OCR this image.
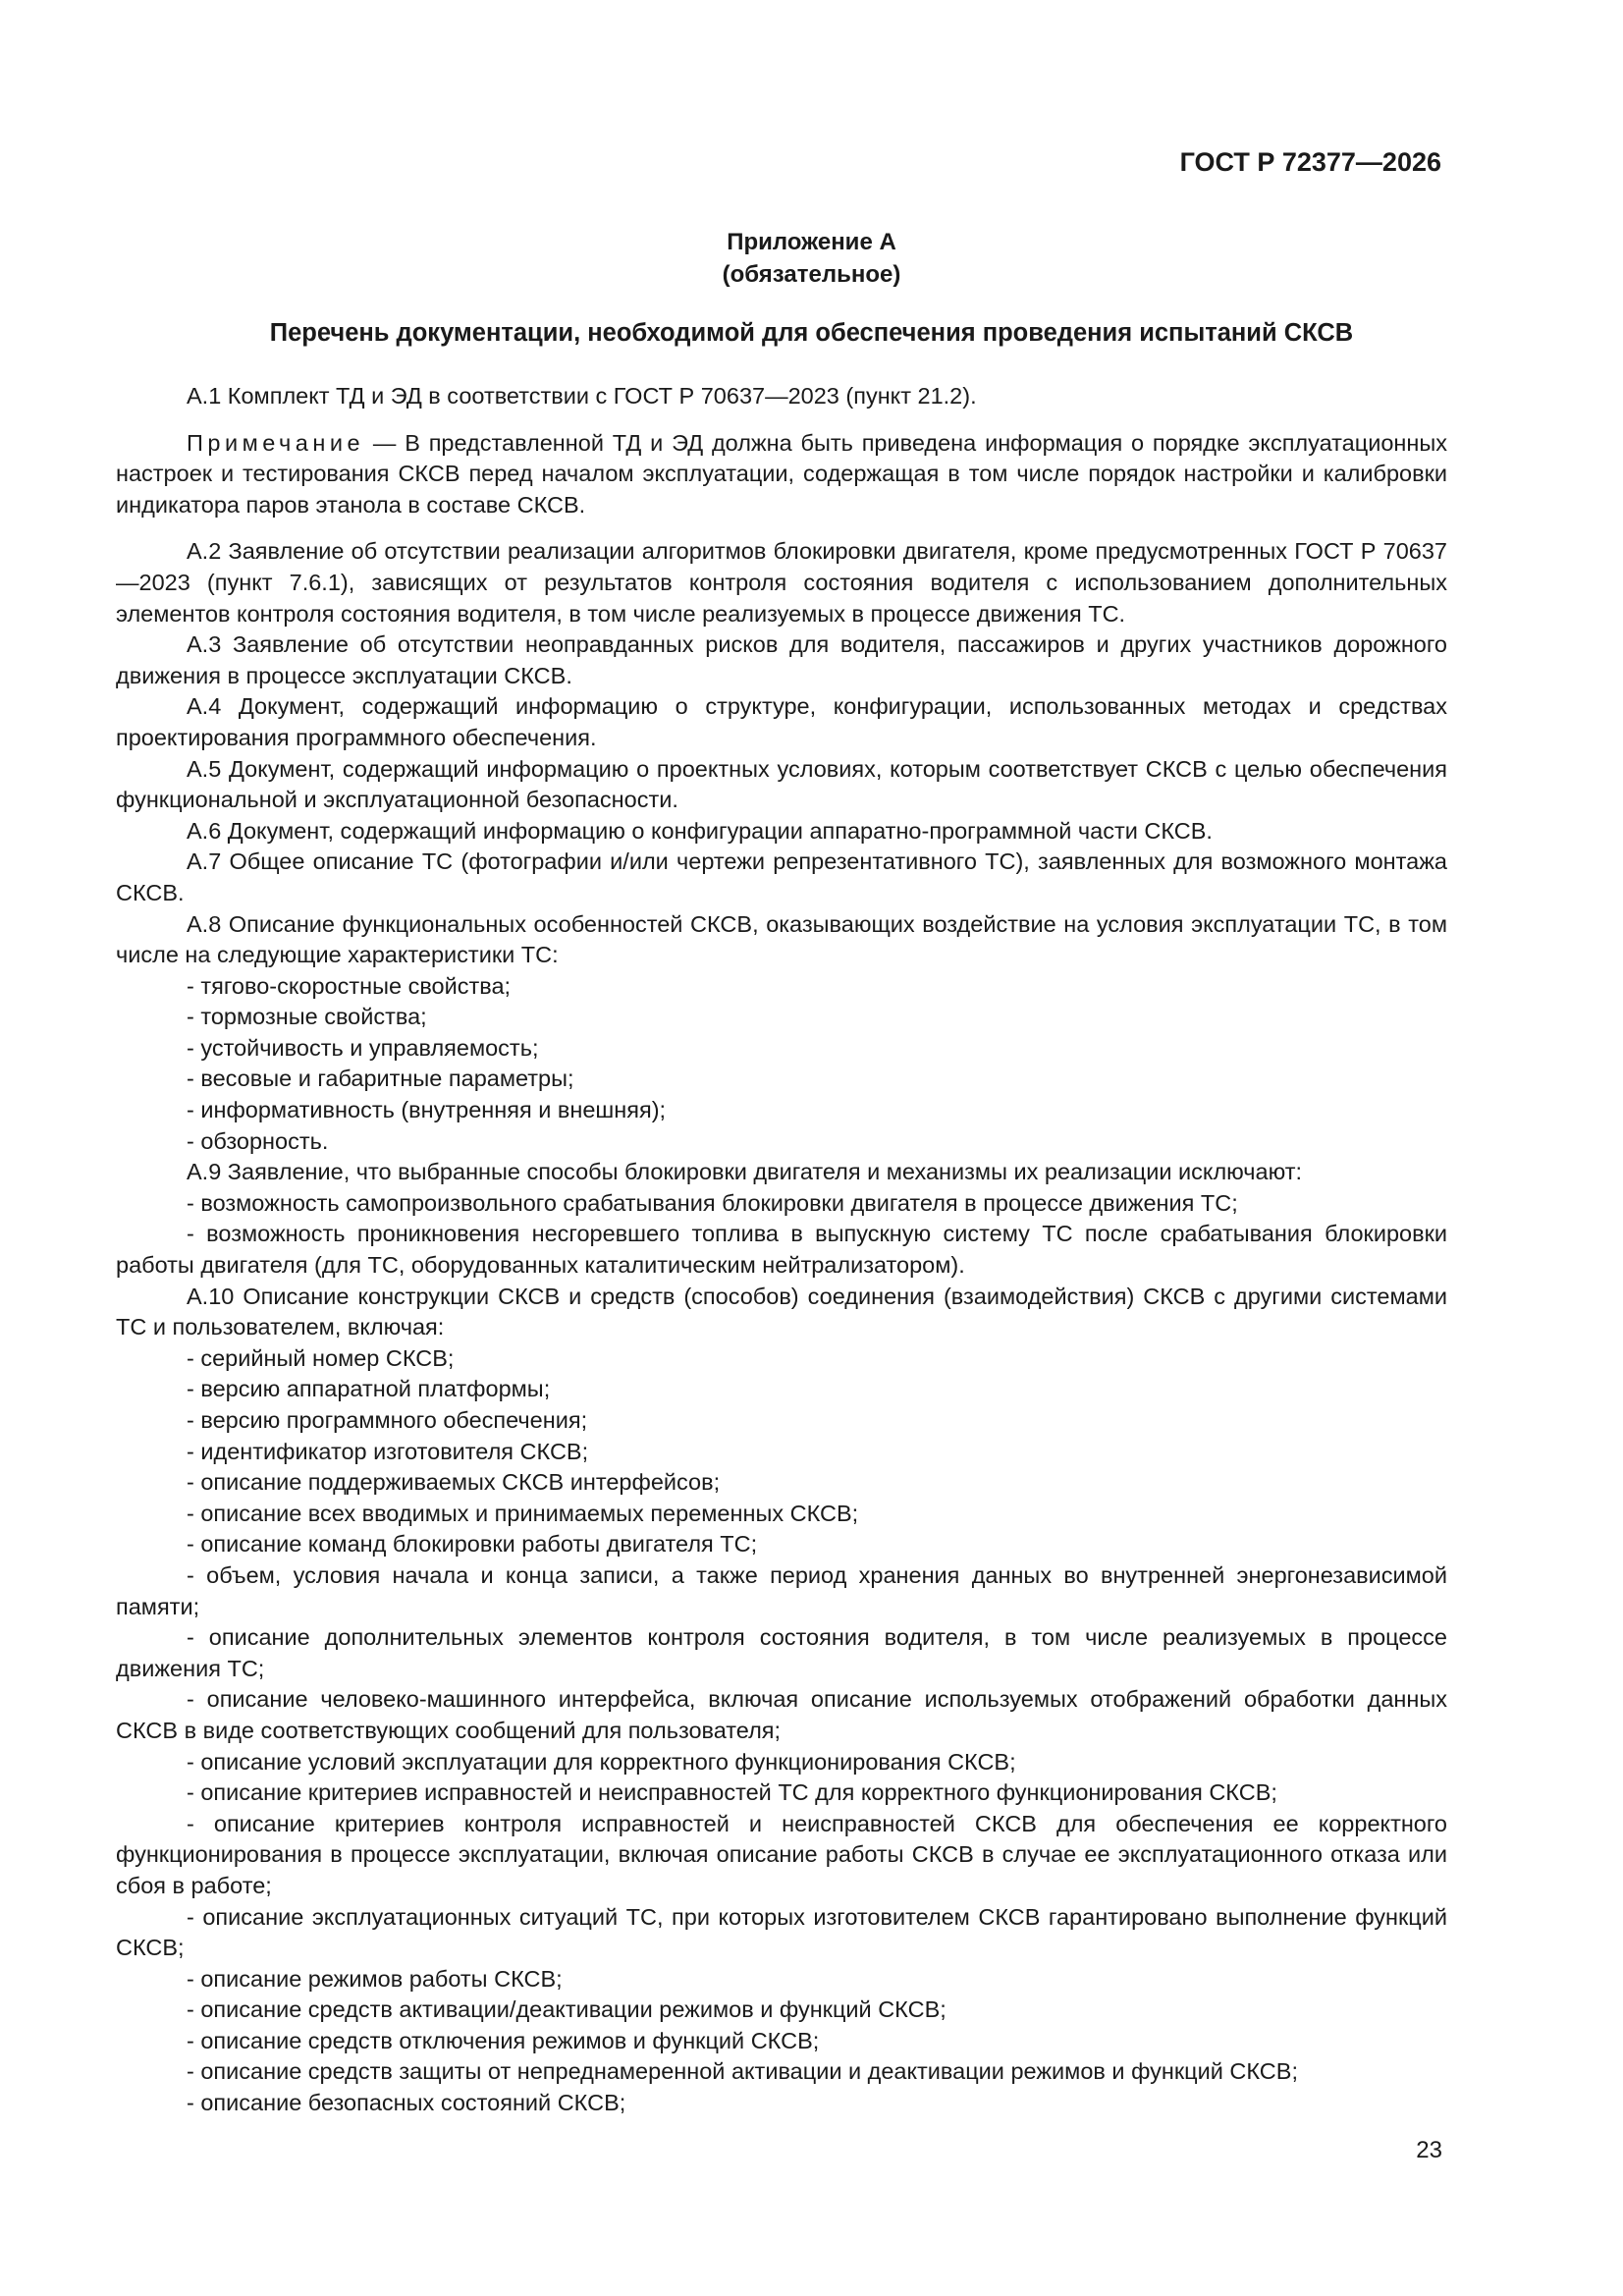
ГОСТ Р 72377—2026
Приложение А
(обязательное)
Перечень документации, необходимой для обеспечения проведения испытаний СКСВ

А.1 Комплект ТД и ЭД в соответствии с ГОСТ Р 70637—2023 (пункт 21.2).

Примечание — В представленной ТД и ЭД должна быть приведена информация о порядке эксплуатационных настроек и тестирования СКСВ перед началом эксплуатации, содержащая в том числе порядок настройки и калибровки индикатора паров этанола в составе СКСВ.

А.2 Заявление об отсутствии реализации алгоритмов блокировки двигателя, кроме предусмотренных ГОСТ Р 70637—2023 (пункт 7.6.1), зависящих от результатов контроля состояния водителя с использованием дополнительных элементов контроля состояния водителя, в том числе реализуемых в процессе движения ТС.

А.3 Заявление об отсутствии неоправданных рисков для водителя, пассажиров и других участников дорожного движения в процессе эксплуатации СКСВ.

А.4 Документ, содержащий информацию о структуре, конфигурации, использованных методах и средствах проектирования программного обеспечения.

А.5 Документ, содержащий информацию о проектных условиях, которым соответствует СКСВ с целью обеспечения функциональной и эксплуатационной безопасности.

А.6 Документ, содержащий информацию о конфигурации аппаратно-программной части СКСВ.

А.7 Общее описание ТС (фотографии и/или чертежи репрезентативного ТС), заявленных для возможного монтажа СКСВ.

А.8 Описание функциональных особенностей СКСВ, оказывающих воздействие на условия эксплуатации ТС, в том числе на следующие характеристики ТС:

- тягово-скоростные свойства;

- тормозные свойства;

- устойчивость и управляемость;

- весовые и габаритные параметры;

- информативность (внутренняя и внешняя);

- обзорность.

А.9 Заявление, что выбранные способы блокировки двигателя и механизмы их реализации исключают:

- возможность самопроизвольного срабатывания блокировки двигателя в процессе движения ТС;

- возможность проникновения несгоревшего топлива в выпускную систему ТС после срабатывания блокировки работы двигателя (для ТС, оборудованных каталитическим нейтрализатором).

А.10 Описание конструкции СКСВ и средств (способов) соединения (взаимодействия) СКСВ с другими системами ТС и пользователем, включая:

- серийный номер СКСВ;

- версию аппаратной платформы;

- версию программного обеспечения;

- идентификатор изготовителя СКСВ;

- описание поддерживаемых СКСВ интерфейсов;

- описание всех вводимых и принимаемых переменных СКСВ;

- описание команд блокировки работы двигателя ТС;

- объем, условия начала и конца записи, а также период хранения данных во внутренней энергонезависимой памяти;

- описание дополнительных элементов контроля состояния водителя, в том числе реализуемых в процессе движения ТС;

- описание человеко-машинного интерфейса, включая описание используемых отображений обработки данных СКСВ в виде соответствующих сообщений для пользователя;

- описание условий эксплуатации для корректного функционирования СКСВ;

- описание критериев исправностей и неисправностей ТС для корректного функционирования СКСВ;

- описание критериев контроля исправностей и неисправностей СКСВ для обеспечения ее корректного функционирования в процессе эксплуатации, включая описание работы СКСВ в случае ее эксплуатационного отказа или сбоя в работе;

- описание эксплуатационных ситуаций ТС, при которых изготовителем СКСВ гарантировано выполнение функций СКСВ;

- описание режимов работы СКСВ;

- описание средств активации/деактивации режимов и функций СКСВ;

- описание средств отключения режимов и функций СКСВ;

- описание средств защиты от непреднамеренной активации и деактивации режимов и функций СКСВ;

- описание безопасных состояний СКСВ;

23
